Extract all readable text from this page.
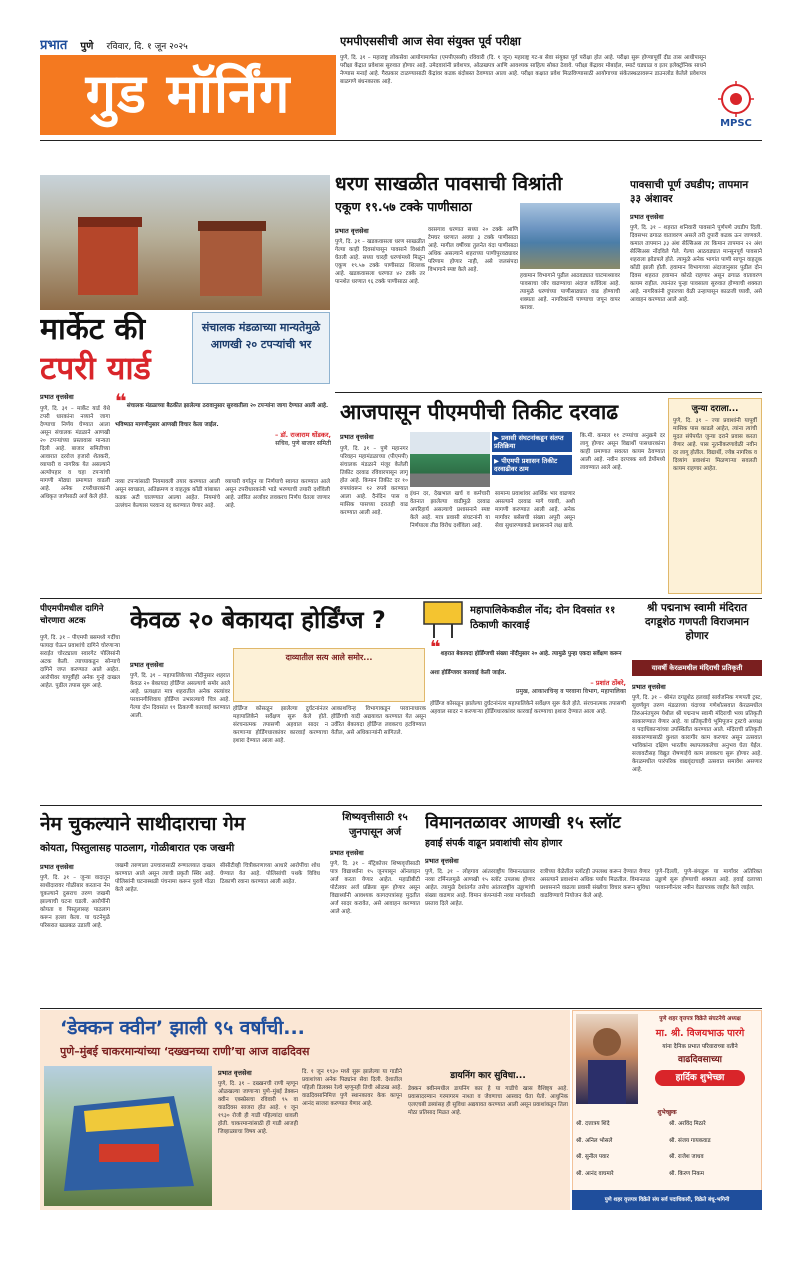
प्रभात पुणे रविवार, दि. १ जून २०२५
गुड मॉर्निंग
एमपीएससीची आज सेवा संयुक्त पूर्व परीक्षा
पुणे, दि. ३१ – महाराष्ट्र लोकसेवा आयोगामार्फत (एमपीएससी) रविवारी (दि. १ जून) महाराष्ट्र गट-ब सेवा संयुक्त पूर्व परीक्षा होत आहे. परीक्षा सुरू होण्यापूर्वी दीड तास आधीपासून परीक्षा केंद्रात प्रवेशास सुरुवात होणार आहे. उमेदवारांनी प्रवेशपत्र, ओळखपत्र आणि आवश्यक साहित्य सोबत ठेवावे. परीक्षा केंद्रावर मोबाईल, स्मार्ट घड्याळ व इतर इलेक्ट्रॉनिक साधने नेण्यास मनाई आहे. गैरप्रकार टाळण्यासाठी केंद्रांवर कडक बंदोबस्त ठेवण्यात आला आहे. परीक्षा कक्षात प्रवेश मिळविण्यासाठी आयोगाच्या संकेतस्थळावरून डाउनलोड केलेले प्रवेशपत्र बाळगणे बंधनकारक आहे.
MPSC
मार्केट की
टपरी यार्ड
संचालक मंडळाच्या मान्यतेमुळे आणखी २० टपऱ्यांची भर
प्रभात वृत्तसेवा
पुणे, दि. ३१ – मार्केट यार्ड येथे टपरी धारकांना नव्याने जागा देण्याचा निर्णय घेण्यात आला असून संचालक मंडळाने आणखी २० टपऱ्यांच्या प्रस्तावास मान्यता दिली आहे. बाजार समितीच्या आवारात दररोज हजारो शेतकरी, व्यापारी व नागरिक येत असल्याने अल्पोपहार व चहा टपऱ्यांची मागणी मोठ्या प्रमाणात वाढली आहे. अनेक टपरीधारकांनी अधिकृत जागेसाठी अर्ज केले होते.
❝ संचालक मंडळाच्या बैठकीत झालेल्या ठरावानुसार सुरुवातीला २० टपऱ्यांना जागा देण्यात आली आहे. भविष्यात मागणीनुसार आणखी विचार केला जाईल.
– डॉ. राजाराम धोंडकर,
सचिव, पुणे बाजार समिती
नव्या टपऱ्यांसाठी नियमावली तयार करण्यात आली असून स्वच्छता, अतिक्रमण व वाहतूक कोंडी यांबाबत कडक अटी घालण्यात आल्या आहेत. नियमांचे उल्लंघन केल्यास परवाना रद्द करण्यात येणार आहे.
व्यापारी वर्गातून या निर्णयाचे स्वागत करण्यात आले असून टपरीधारकांनी भाडे भरण्याची तयारी दर्शविली आहे. उर्वरित अर्जांवर लवकरच निर्णय घेतला जाणार आहे.
धरण साखळीत पावसाची विश्रांती
एकूण १९.५७ टक्के पाणीसाठा
प्रभात वृत्तसेवा
पुणे, दि. ३१ – खडकवासला धरण साखळीत गेल्या काही दिवसांपासून पावसाने विश्रांती घेतली आहे. सध्या चारही धरणांमध्ये मिळून एकूण १९.५७ टक्के पाणीसाठा शिल्लक आहे. खडकवासला धरणात ४२ टक्के तर पानशेत धरणात १६ टक्के पाणीसाठा आहे.
वरसगाव धरणात सध्या २० टक्के आणि टेमघर धरणात अवघा ३ टक्के पाणीसाठा आहे. मागील वर्षीच्या तुलनेत यंदा पाणीसाठा अधिक असल्याने शहराच्या पाणीपुरवठ्यावर परिणाम होणार नाही, असे जलसंपदा विभागाने स्पष्ट केले आहे.
हवामान विभागाने पुढील आठवड्यात घाटमाथ्यावर पावसाचा जोर वाढण्याचा अंदाज वर्तविला आहे. त्यामुळे धरणांच्या पाणीसाठ्यात वाढ होण्याची शक्यता आहे. नागरिकांनी पाण्याचा जपून वापर करावा.
पावसाची पूर्ण उघडीप; तापमान ३३ अंशावर
प्रभात वृत्तसेवा
पुणे, दि. ३१ – शहरात शनिवारी पावसाने पूर्णपणे उघडीप दिली. दिवसभर ढगाळ वातावरण असले तरी दुपारी कडक ऊन जाणवले. कमाल तापमान ३३ अंश सेल्सिअस तर किमान तापमान २२ अंश सेल्सिअस नोंदविले गेले. गेल्या आठवड्यात मान्सूनपूर्व पावसाने शहराला झोडपले होते. त्यामुळे अनेक भागांत पाणी साचून वाहतूक कोंडी झाली होती. हवामान विभागाच्या अंदाजानुसार पुढील दोन दिवस शहरात हवामान कोरडे राहणार असून ढगाळ वातावरण कायम राहील. त्यानंतर पुन्हा पावसाला सुरुवात होण्याची शक्यता आहे. नागरिकांनी दुपारच्या वेळी उन्हापासून काळजी घ्यावी, असे आवाहन करण्यात आले आहे.
आजपासून पीएमपीची तिकीट दरवाढ
प्रभात वृत्तसेवा	▶ प्रवासी संघटनांकडून संतप्त प्रतिक्रिया
▶ पीएमपी प्रशासन तिकीट दरवाढीवर ठाम
पुणे, दि. ३१ – पुणे महानगर परिवहन महामंडळाच्या (पीएमपी) संचालक मंडळाने मंजूर केलेली तिकीट दरवाढ रविवारपासून लागू होत आहे. किमान तिकीट दर १० रुपयांवरून १२ रुपये करण्यात आला आहे. दैनंदिन पास व मासिक पासच्या दरातही वाढ करण्यात आली आहे.
इंधन दर, देखभाल खर्च व कर्मचारी वेतनात झालेल्या वाढीमुळे दरवाढ अपरिहार्य असल्याचे प्रशासनाने स्पष्ट केले आहे. मात्र प्रवासी संघटनांनी या निर्णयाला तीव्र विरोध दर्शविला आहे.
सामान्य प्रवाशांवर आर्थिक भार वाढणार असल्याने दरवाढ मागे घ्यावी, अशी मागणी करण्यात आली आहे. अनेक मार्गांवर बसेसची संख्या अपुरी असून सेवा सुधारण्याकडे प्रशासनाने लक्ष द्यावे.
कि.मी. कमाल ११ टप्प्यांचा अनुक्रमे दर लागू होणार असून विद्यार्थी पासधारकांना काही प्रमाणात सवलत कायम ठेवण्यात आली आहे. नवीन दरपत्रक सर्व डेपोंमध्ये लावण्यात आले आहे.
जुन्या दराला...
पुणे, दि. ३१ – ज्या प्रवाशांनी यापूर्वी मासिक पास काढले आहेत, त्यांना त्यांची मुदत संपेपर्यंत जुन्या दराने प्रवास करता येणार आहे. पास नूतनीकरणावेळी नवीन दर लागू होतील. विद्यार्थी, ज्येष्ठ नागरिक व दिव्यांग प्रवाशांना मिळणाऱ्या सवलती कायम राहणार आहेत.
पीएमपीमधील दागिने चोरणारा अटक
पुणे, दि. ३१ – पीएमपी बसमध्ये गर्दीचा फायदा घेऊन प्रवाशांचे दागिने चोरणाऱ्या सराईत चोरट्याला स्वारगेट पोलिसांनी अटक केली. त्याच्याकडून सोन्याचे दागिने जप्त करण्यात आले आहेत. आरोपीवर यापूर्वीही अनेक गुन्हे दाखल आहेत. पुढील तपास सुरू आहे.
केवळ २० बेकायदा होर्डिंग्ज ?	महापालिकेकडील नोंद; दोन दिवसांत ११ ठिकाणी कारवाई
प्रभात वृत्तसेवा
पुणे, दि. ३१ – महापालिकेच्या नोंदीनुसार शहरात केवळ २० बेकायदा होर्डिंग्ज असल्याचे समोर आले आहे. प्रत्यक्षात मात्र शहरातील अनेक रस्त्यांवर परवानगीशिवाय होर्डिंग्ज उभारल्याचे चित्र आहे. गेल्या दोन दिवसांत ११ ठिकाणी कारवाई करण्यात आली.
दाव्यातील सत्य आले समोर...
होर्डिंग्ज कोसळून झालेल्या दुर्घटनांनंतर महापालिकेने सर्वेक्षण सुरू केले होते. संरचनात्मक तपासणी अहवाल सादर न करणाऱ्या होर्डिंगधारकांवर कारवाई करण्याचा इशारा देण्यात आला आहे.
आकाशचिन्ह विभागाकडून परवानाधारक होर्डिंगची यादी अद्ययावत करण्यात येत असून उर्वरित बेकायदा होर्डिंग्ज लवकरच हटविण्यात येतील, असे अधिकाऱ्यांनी सांगितले.
❝ शहरात बेकायदा होर्डिंग्जची संख्या नोंदीनुसार २० आहे. त्यामुळे पुन्हा एकदा सर्वेक्षण करून अशा होर्डिंग्जवर कारवाई केली जाईल.
– प्रशांत ठोंबरे,
प्रमुख, आकाशचिन्ह व परवाना विभाग, महापालिका
होर्डिंग्ज कोसळून झालेल्या दुर्घटनांनंतर महापालिकेने सर्वेक्षण सुरू केले होते. संरचनात्मक तपासणी अहवाल सादर न करणाऱ्या होर्डिंगधारकांवर कारवाई करण्याचा इशारा देण्यात आला आहे.
श्री पद्मनाभ स्वामी मंदिरात दगडूशेठ गणपती विराजमान होणार
यावर्षी केरळमधील मंदिराची प्रतिकृती
प्रभात वृत्तसेवा
पुणे, दि. ३१ – श्रीमंत दगडूशेठ हलवाई सार्वजनिक गणपती ट्रस्ट, सुवर्णयुग तरुण मंडळाच्या यंदाच्या गणेशोत्सवात केरळमधील तिरुअनंतपुरम येथील श्री पद्मनाभ स्वामी मंदिराची भव्य प्रतिकृती साकारण्यात येणार आहे. या प्रतिकृतीचे भूमिपूजन ट्रस्टचे अध्यक्ष व पदाधिकाऱ्यांच्या उपस्थितीत करण्यात आले. मंदिराची प्रतिकृती साकारण्यासाठी कुशल कारागीर काम करणार असून उत्सवात भाविकांना दक्षिण भारतीय स्थापत्यकलेचा अनुभव घेता येईल. सजावटीसह विद्युत रोषणाईचे काम लवकरच सुरू होणार आहे. केरळमधील पारंपरिक वाद्यवृंदाचाही उत्सवात समावेश असणार आहे.
नेम चुकल्याने साथीदाराचा गेम
कोयता, पिस्तुलासह पाठलाग, गोळीबारात एक जखमी
प्रभात वृत्तसेवा
पुणे, दि. ३१ – जुन्या वादातून साथीदारावर गोळीबार करताना नेम चुकल्याने दुसराच तरुण जखमी झाल्याची घटना घडली. आरोपींनी कोयता व पिस्तुलासह पाठलाग करून हल्ला केला. या घटनेमुळे परिसरात खळबळ उडाली आहे.
जखमी तरुणाला उपचारासाठी रुग्णालयात दाखल करण्यात आले असून त्याची प्रकृती स्थिर आहे. पोलिसांनी घटनास्थळी पंचनामा करून पुरावे गोळा केले आहेत.
सीसीटीव्ही चित्रीकरणाच्या आधारे आरोपींचा शोध घेण्यात येत आहे. पोलिसांची पथके विविध ठिकाणी रवाना करण्यात आली आहेत.
शिष्यवृत्तीसाठी १५ जुनपासून अर्ज
प्रभात वृत्तसेवा
पुणे, दि. ३१ – मॅट्रिकोत्तर शिष्यवृत्तीसाठी पात्र विद्यार्थ्यांना १५ जूनपासून ऑनलाइन अर्ज करता येणार आहेत. महाडीबीटी पोर्टलवर अर्ज प्रक्रिया सुरू होणार असून विद्यार्थ्यांनी आवश्यक कागदपत्रांसह मुदतीत अर्ज सादर करावेत, असे आवाहन करण्यात आले आहे.
विमानतळावर आणखी १५ स्लॉट
हवाई संपर्क वाढून प्रवाशांची सोय होणार
प्रभात वृत्तसेवा
पुणे, दि. ३१ – लोहगाव आंतरराष्ट्रीय विमानतळावर नव्या टर्मिनलमुळे आणखी १५ स्लॉट उपलब्ध होणार आहेत. त्यामुळे देशांतर्गत तसेच आंतरराष्ट्रीय उड्डाणांची संख्या वाढणार आहे. विमान कंपन्यांनी नव्या मार्गांसाठी प्रस्ताव दिले आहेत.
रात्रीच्या वेळेतील स्लॉटही उपलब्ध करून देण्यात येणार असल्याने प्रवाशांना अधिक पर्याय मिळतील. विमानतळ प्रशासनाने वाढत्या प्रवासी संख्येचा विचार करून सुविधा वाढविण्याचे नियोजन केले आहे.
पुणे–दिल्ली, पुणे–बंगळुरू या मार्गांवर अतिरिक्त उड्डाणे सुरू होण्याची शक्यता आहे. हवाई दलाच्या परवानगीनंतर नवीन वेळापत्रक जाहीर केले जाईल.
‘डेक्कन क्वीन’ झाली ९५ वर्षांची...
पुणे–मुंबई चाकरमान्यांच्या ‘दख्खनच्या राणी’चा आज वाढदिवस
प्रभात वृत्तसेवा
पुणे, दि. ३१ – दख्खनची राणी म्हणून ओळखल्या जाणाऱ्या पुणे–मुंबई डेक्कन क्वीन एक्स्प्रेसचा रविवारी ९५ वा वाढदिवस साजरा होत आहे. १ जून १९३० रोजी ही गाडी पहिल्यांदा धावली होती. चाकरमान्यांसाठी ही गाडी आजही जिव्हाळ्याचा विषय आहे.
दि. १ जून १९३० मध्ये सुरू झालेल्या या गाडीने प्रवाशांच्या अनेक पिढ्यांना सेवा दिली. देशातील पहिली डिलक्स रेल्वे म्हणूनही तिची ओळख आहे. वाढदिवसानिमित्त पुणे स्थानकावर केक कापून आनंद साजरा करण्यात येणार आहे.
डायनिंग कार सुविधा...
डेक्कन क्वीनमधील डायनिंग कार हे या गाडीचे खास वैशिष्ट्य आहे. प्रवासादरम्यान गरमागरम नाश्ता व जेवणाचा आस्वाद घेता येतो. आधुनिक एलएचबी डब्यांसह ही सुविधा अद्ययावत करण्यात आली असून प्रवाशांकडून तिला मोठा प्रतिसाद मिळत आहे.
पुणे शहर वृत्तपत्र विक्रेते संघटनेचे अध्यक्ष
मा. श्री. विजयभाऊ पारगे
यांना दैनिक प्रभात परिवाराच्या वतीने
वाढदिवसाच्या
हार्दिक शुभेच्छा
शुभेच्छुक
श्री. दत्तात्रय शिंदे	श्री. अरविंद मिठारे
श्री. अनिल भोसले	श्री. संजय गायकवाड
श्री. सुनील पवार	श्री. राजेश जाधव
श्री. आनंद वाघमारे	श्री. किरण निकम
पुणे शहर वृत्तपत्र विक्रेते संघ सर्व पदाधिकारी, विक्रेते बंधू-भगिनी
